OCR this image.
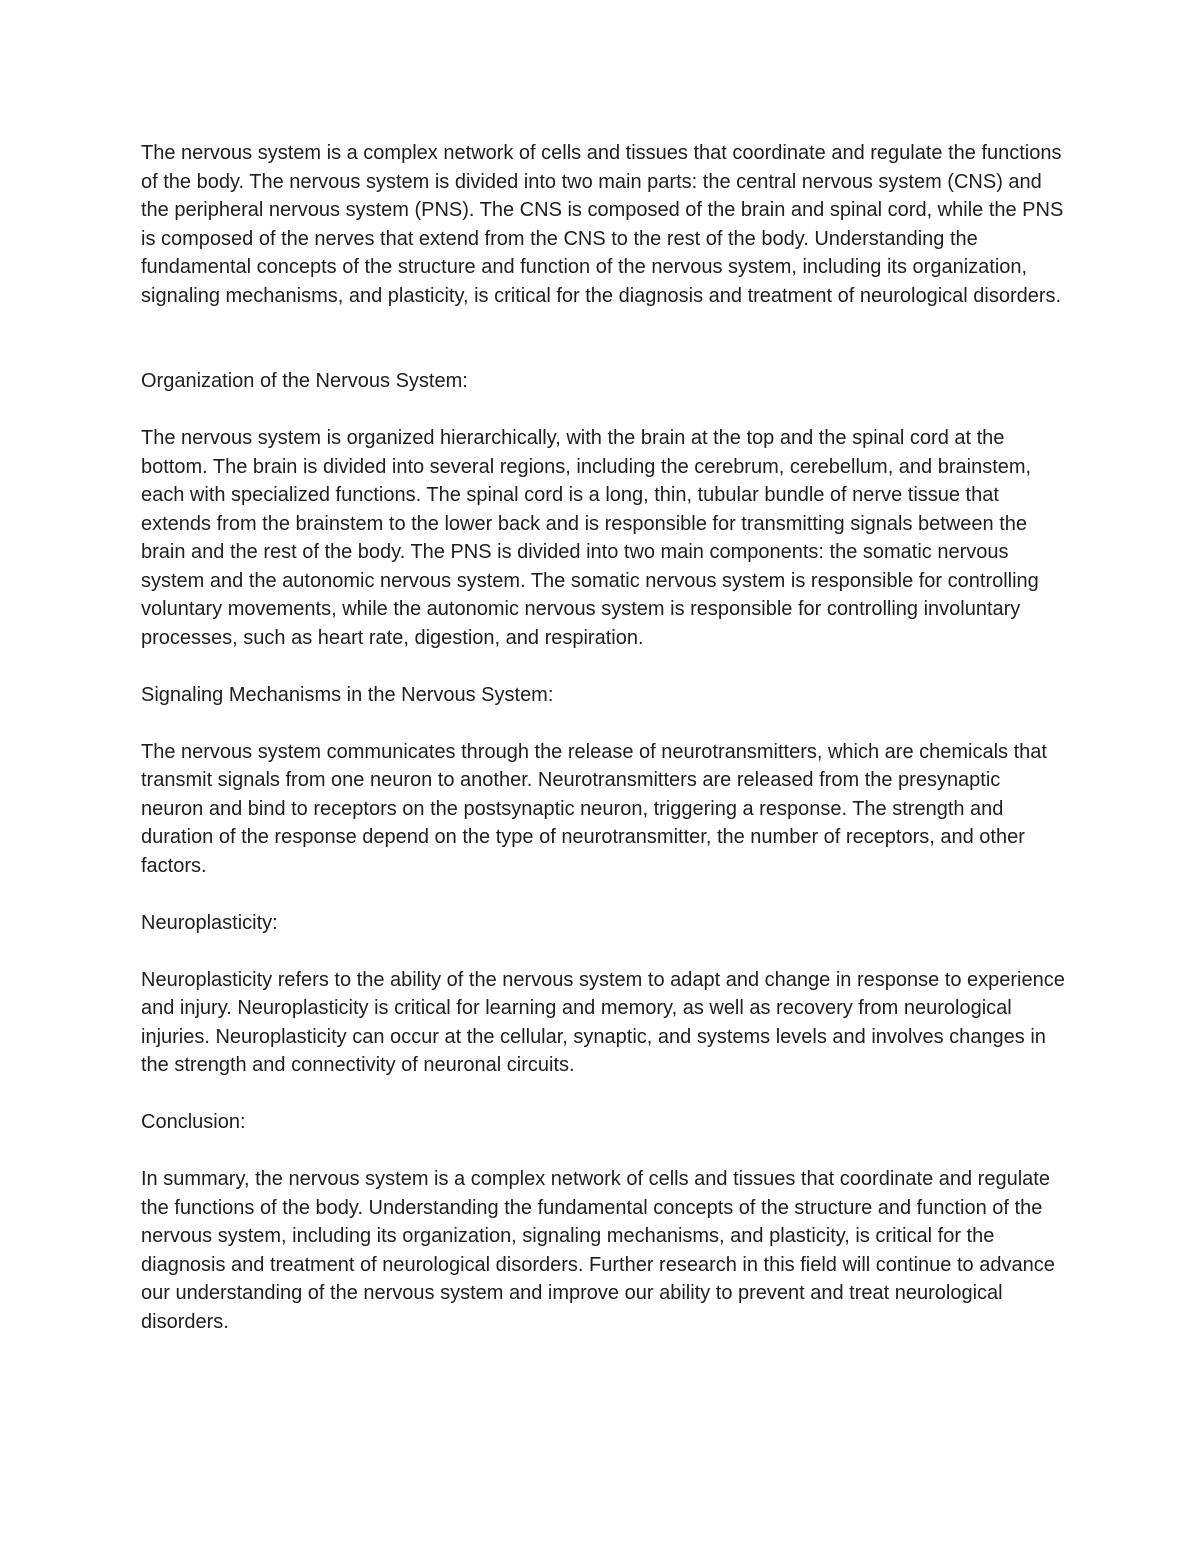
The nervous system is a complex network of cells and tissues that coordinate and regulate the functions of the body. The nervous system is divided into two main parts: the central nervous system (CNS) and the peripheral nervous system (PNS). The CNS is composed of the brain and spinal cord, while the PNS is composed of the nerves that extend from the CNS to the rest of the body. Understanding the fundamental concepts of the structure and function of the nervous system, including its organization, signaling mechanisms, and plasticity, is critical for the diagnosis and treatment of neurological disorders.

Organization of the Nervous System:

The nervous system is organized hierarchically, with the brain at the top and the spinal cord at the bottom. The brain is divided into several regions, including the cerebrum, cerebellum, and brainstem, each with specialized functions. The spinal cord is a long, thin, tubular bundle of nerve tissue that extends from the brainstem to the lower back and is responsible for transmitting signals between the brain and the rest of the body. The PNS is divided into two main components: the somatic nervous system and the autonomic nervous system. The somatic nervous system is responsible for controlling voluntary movements, while the autonomic nervous system is responsible for controlling involuntary processes, such as heart rate, digestion, and respiration.

Signaling Mechanisms in the Nervous System:

The nervous system communicates through the release of neurotransmitters, which are chemicals that transmit signals from one neuron to another. Neurotransmitters are released from the presynaptic neuron and bind to receptors on the postsynaptic neuron, triggering a response. The strength and duration of the response depend on the type of neurotransmitter, the number of receptors, and other factors.

Neuroplasticity:

Neuroplasticity refers to the ability of the nervous system to adapt and change in response to experience and injury. Neuroplasticity is critical for learning and memory, as well as recovery from neurological injuries. Neuroplasticity can occur at the cellular, synaptic, and systems levels and involves changes in the strength and connectivity of neuronal circuits.

Conclusion:

In summary, the nervous system is a complex network of cells and tissues that coordinate and regulate the functions of the body. Understanding the fundamental concepts of the structure and function of the nervous system, including its organization, signaling mechanisms, and plasticity, is critical for the diagnosis and treatment of neurological disorders. Further research in this field will continue to advance our understanding of the nervous system and improve our ability to prevent and treat neurological disorders.
